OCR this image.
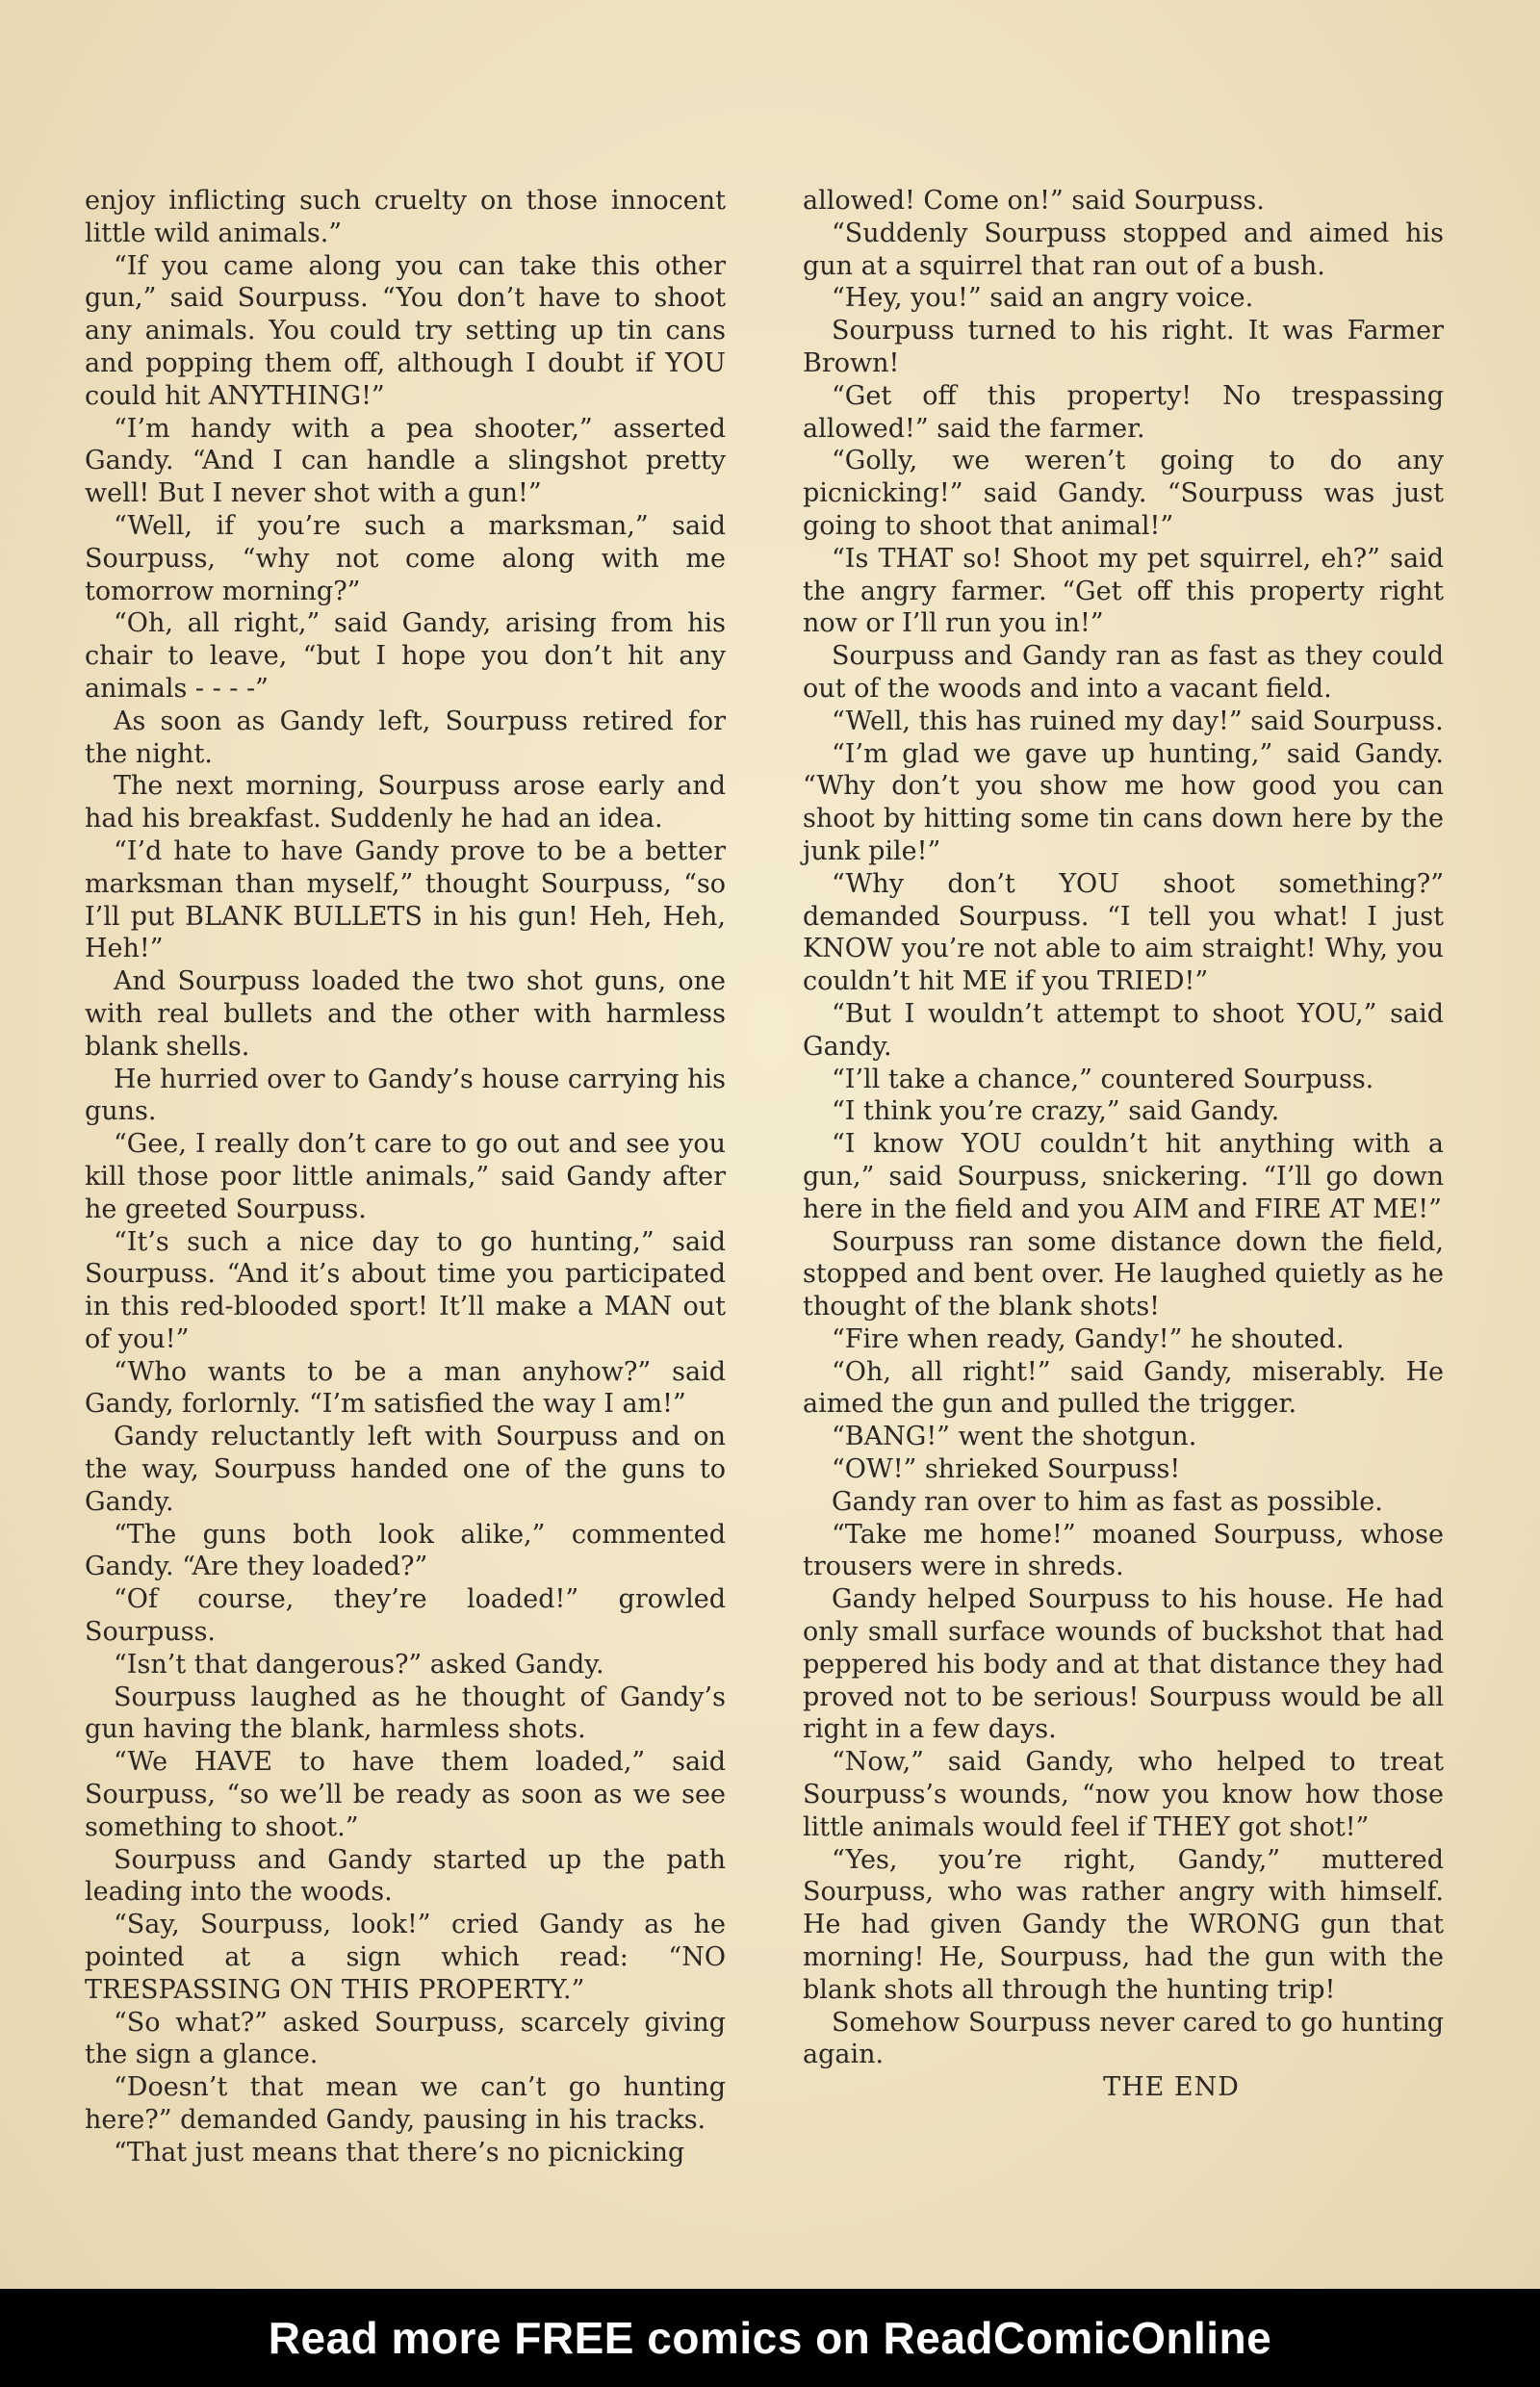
enjoy inflicting such cruelty on those innocent little wild animals.”

“If you came along you can take this other gun,” said Sourpuss. “You don’t have to shoot any animals. You could try setting up tin cans and popping them off, although I doubt if YOU could hit ANYTHING!”

“I’m handy with a pea shooter,” asserted Gandy. “And I can handle a slingshot pretty well! But I never shot with a gun!”

“Well, if you’re such a marksman,” said Sourpuss, “why not come along with me tomorrow morning?”

“Oh, all right,” said Gandy, arising from his chair to leave, “but I hope you don’t hit any animals - - - -”

As soon as Gandy left, Sourpuss retired for the night.

The next morning, Sourpuss arose early and had his breakfast. Suddenly he had an idea.

“I’d hate to have Gandy prove to be a better marksman than myself,” thought Sourpuss, “so I’ll put BLANK BULLETS in his gun! Heh, Heh, Heh!”

And Sourpuss loaded the two shot guns, one with real bullets and the other with harmless blank shells.

He hurried over to Gandy’s house carrying his guns.

“Gee, I really don’t care to go out and see you kill those poor little animals,” said Gandy after he greeted Sourpuss.

“It’s such a nice day to go hunting,” said Sourpuss. “And it’s about time you participated in this red-blooded sport! It’ll make a MAN out of you!”

“Who wants to be a man anyhow?” said Gandy, forlornly. “I’m satisfied the way I am!”

Gandy reluctantly left with Sourpuss and on the way, Sourpuss handed one of the guns to Gandy.

“The guns both look alike,” commented Gandy. “Are they loaded?”

“Of course, they’re loaded!” growled Sourpuss.

“Isn’t that dangerous?” asked Gandy.

Sourpuss laughed as he thought of Gandy’s gun having the blank, harmless shots.

“We HAVE to have them loaded,” said Sourpuss, “so we’ll be ready as soon as we see something to shoot.”

Sourpuss and Gandy started up the path leading into the woods.

“Say, Sourpuss, look!” cried Gandy as he pointed at a sign which read: “NO TRESPASSING ON THIS PROPERTY.”

“So what?” asked Sourpuss, scarcely giving the sign a glance.

“Doesn’t that mean we can’t go hunting here?” demanded Gandy, pausing in his tracks.

“That just means that there’s no picnicking

allowed! Come on!” said Sourpuss.

“Suddenly Sourpuss stopped and aimed his gun at a squirrel that ran out of a bush.

“Hey, you!” said an angry voice.

Sourpuss turned to his right. It was Farmer Brown!

“Get off this property! No trespassing allowed!” said the farmer.

“Golly, we weren’t going to do any picnicking!” said Gandy. “Sourpuss was just going to shoot that animal!”

“Is THAT so! Shoot my pet squirrel, eh?” said the angry farmer. “Get off this property right now or I’ll run you in!”

Sourpuss and Gandy ran as fast as they could out of the woods and into a vacant field.

“Well, this has ruined my day!” said Sourpuss.

“I’m glad we gave up hunting,” said Gandy. “Why don’t you show me how good you can shoot by hitting some tin cans down here by the junk pile!”

“Why don’t YOU shoot something?” demanded Sourpuss. “I tell you what! I just KNOW you’re not able to aim straight! Why, you couldn’t hit ME if you TRIED!”

“But I wouldn’t attempt to shoot YOU,” said Gandy.

“I’ll take a chance,” countered Sourpuss.

“I think you’re crazy,” said Gandy.

“I know YOU couldn’t hit anything with a gun,” said Sourpuss, snickering. “I’ll go down here in the field and you AIM and FIRE AT ME!”

Sourpuss ran some distance down the field, stopped and bent over. He laughed quietly as he thought of the blank shots!

“Fire when ready, Gandy!” he shouted.

“Oh, all right!” said Gandy, miserably. He aimed the gun and pulled the trigger.

“BANG!” went the shotgun.

“OW!” shrieked Sourpuss!

Gandy ran over to him as fast as possible.

“Take me home!” moaned Sourpuss, whose trousers were in shreds.

Gandy helped Sourpuss to his house. He had only small surface wounds of buckshot that had peppered his body and at that distance they had proved not to be serious! Sourpuss would be all right in a few days.

“Now,” said Gandy, who helped to treat Sourpuss’s wounds, “now you know how those little animals would feel if THEY got shot!”

“Yes, you’re right, Gandy,” muttered Sourpuss, who was rather angry with himself. He had given Gandy the WRONG gun that morning! He, Sourpuss, had the gun with the blank shots all through the hunting trip!

Somehow Sourpuss never cared to go hunting again.

THE END

Read more FREE comics on ReadComicOnline
